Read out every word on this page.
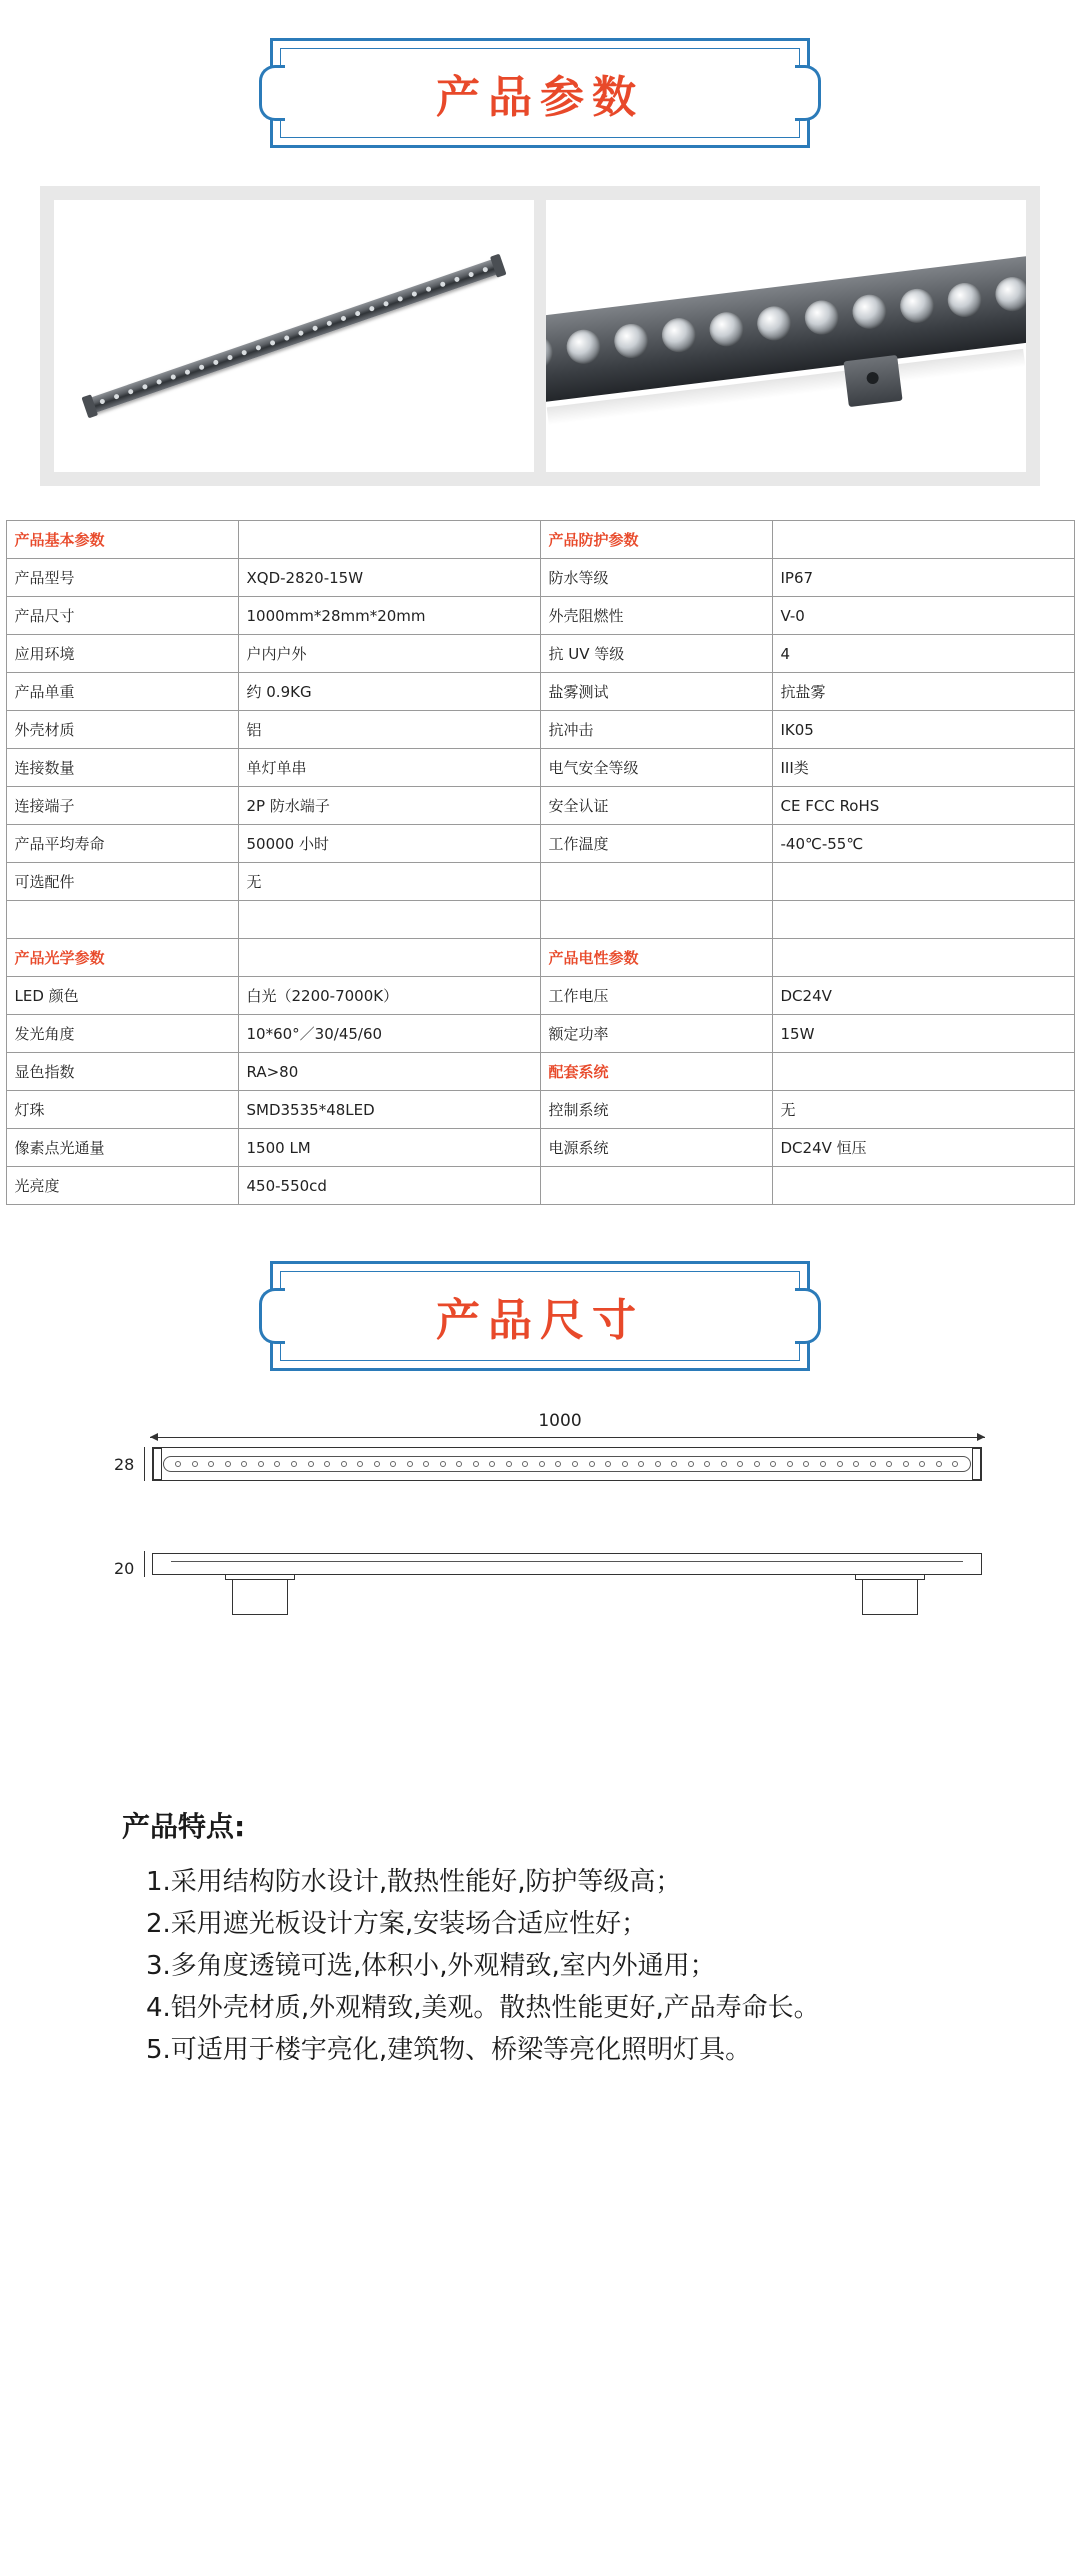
产品参数
产品基本参数		产品防护参数	
产品型号	XQD-2820-15W	防水等级	IP67
产品尺寸	1000mm*28mm*20mm	外壳阻燃性	V-0
应用环境	户内户外	抗 UV 等级	4
产品单重	约 0.9KG	盐雾测试	抗盐雾
外壳材质	铝	抗冲击	IK05
连接数量	单灯单串	电气安全等级	III类
连接端子	2P 防水端子	安全认证	CE FCC RoHS
产品平均寿命	50000 小时	工作温度	-40℃-55℃
可选配件	无		

产品光学参数		产品电性参数	
LED 颜色	白光（2200-7000K）	工作电压	DC24V
发光角度	10*60°／30/45/60	额定功率	15W
显色指数	RA>80	配套系统	
灯珠	SMD3535*48LED	控制系统	无
像素点光通量	1500 LM	电源系统	DC24V 恒压
光亮度	450-550cd		
产品尺寸
1000
28
20
产品特点:
1.采用结构防水设计‚散热性能好‚防护等级高；
2.采用遮光板设计方案‚安装场合适应性好；
3.多角度透镜可选‚体积小‚外观精致‚室内外通用；
4.铝外壳材质‚外观精致‚美观。散热性能更好‚产品寿命长。
5.可适用于楼宇亮化‚建筑物、桥梁等亮化照明灯具。
